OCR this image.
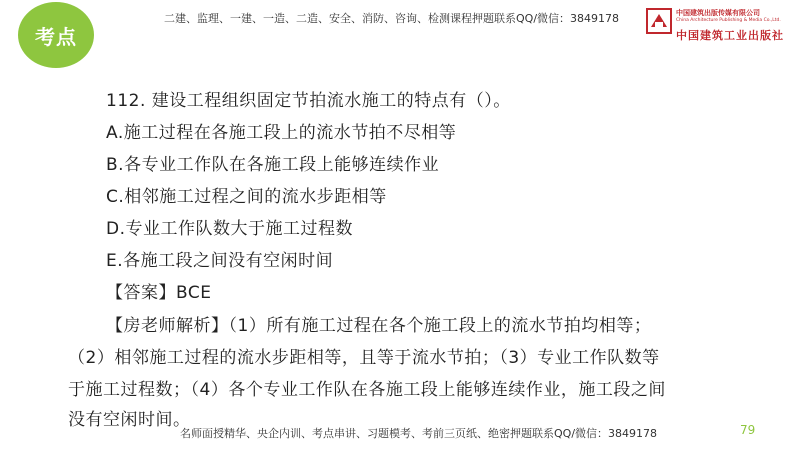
考点
二建、监理、一建、一造、二造、安全、消防、咨询、检测课程押题联系QQ/微信：3849178	中国建筑出版传媒有限公司
China Architecture Publishing & Media Co.,Ltd.
中国建筑工业出版社
112. 建设工程组织固定节拍流水施工的特点有（）。
A.施工过程在各施工段上的流水节拍不尽相等
B.各专业工作队在各施工段上能够连续作业
C.相邻施工过程之间的流水步距相等
D.专业工作队数大于施工过程数
E.各施工段之间没有空闲时间
【答案】BCE
【房老师解析】（1）所有施工过程在各个施工段上的流水节拍均相等；
（2）相邻施工过程的流水步距相等，且等于流水节拍；（3）专业工作队数等
于施工过程数；（4）各个专业工作队在各施工段上能够连续作业，施工段之间
没有空闲时间。
名师面授精华、央企内训、考点串讲、习题模考、考前三页纸、绝密押题联系QQ/微信：3849178	79
